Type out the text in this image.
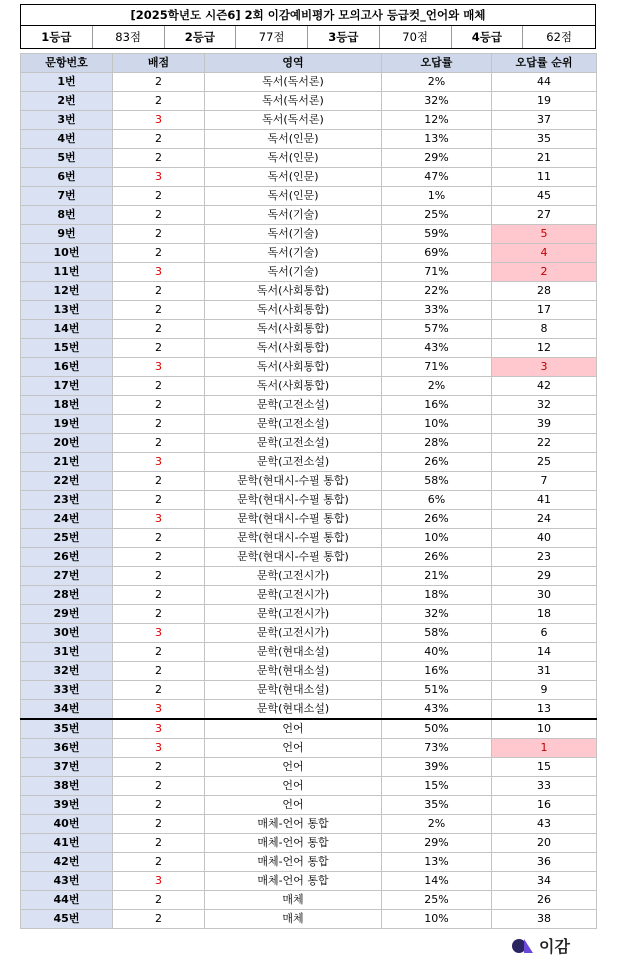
[2025학년도 시즌6] 2회 이감예비평가 모의고사 등급컷_언어와 매체
1등급	83점	2등급	77점	3등급	70점	4등급	62점
문항번호	배점	영역	오답률	오답률 순위
1번	2	독서(독서론)	2%	44
2번	2	독서(독서론)	32%	19
3번	3	독서(독서론)	12%	37
4번	2	독서(인문)	13%	35
5번	2	독서(인문)	29%	21
6번	3	독서(인문)	47%	11
7번	2	독서(인문)	1%	45
8번	2	독서(기술)	25%	27
9번	2	독서(기술)	59%	5
10번	2	독서(기술)	69%	4
11번	3	독서(기술)	71%	2
12번	2	독서(사회통합)	22%	28
13번	2	독서(사회통합)	33%	17
14번	2	독서(사회통합)	57%	8
15번	2	독서(사회통합)	43%	12
16번	3	독서(사회통합)	71%	3
17번	2	독서(사회통합)	2%	42
18번	2	문학(고전소설)	16%	32
19번	2	문학(고전소설)	10%	39
20번	2	문학(고전소설)	28%	22
21번	3	문학(고전소설)	26%	25
22번	2	문학(현대시-수필 통합)	58%	7
23번	2	문학(현대시-수필 통합)	6%	41
24번	3	문학(현대시-수필 통합)	26%	24
25번	2	문학(현대시-수필 통합)	10%	40
26번	2	문학(현대시-수필 통합)	26%	23
27번	2	문학(고전시가)	21%	29
28번	2	문학(고전시가)	18%	30
29번	2	문학(고전시가)	32%	18
30번	3	문학(고전시가)	58%	6
31번	2	문학(현대소설)	40%	14
32번	2	문학(현대소설)	16%	31
33번	2	문학(현대소설)	51%	9
34번	3	문학(현대소설)	43%	13
35번	3	언어	50%	10
36번	3	언어	73%	1
37번	2	언어	39%	15
38번	2	언어	15%	33
39번	2	언어	35%	16
40번	2	매체-언어 통합	2%	43
41번	2	매체-언어 통합	29%	20
42번	2	매체-언어 통합	13%	36
43번	3	매체-언어 통합	14%	34
44번	2	매체	25%	26
45번	2	매체	10%	38
이감
